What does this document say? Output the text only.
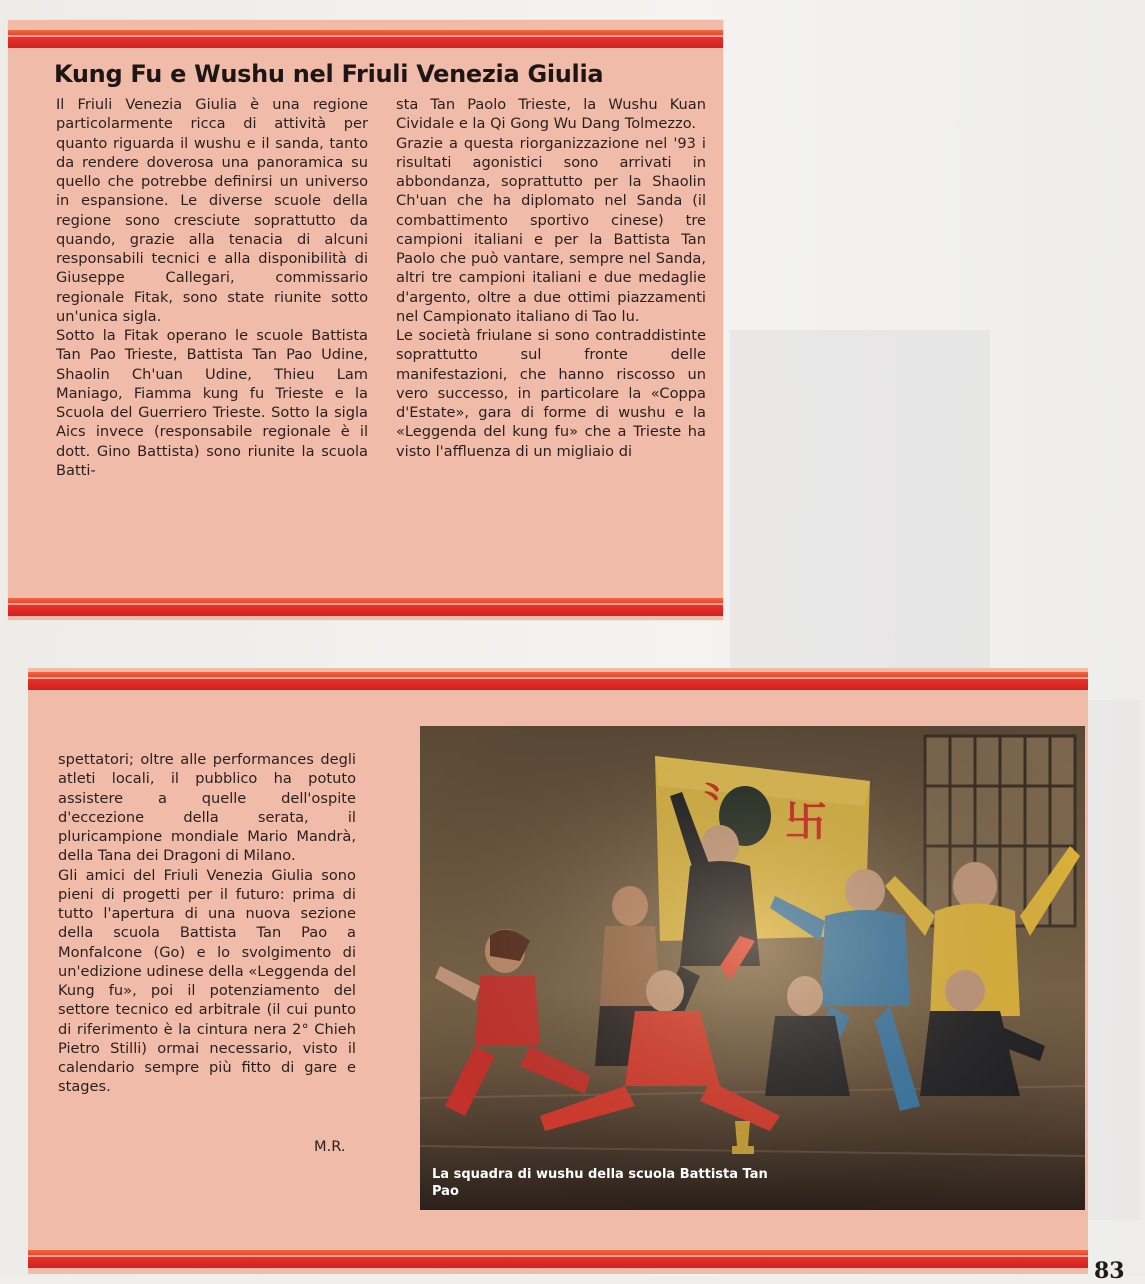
Kung Fu e Wushu nel Friuli Venezia Giulia

Il Friuli Venezia Giulia è una regione particolarmente ricca di attività per quanto riguarda il wushu e il sanda, tanto da rendere doverosa una panoramica su quello che potrebbe definirsi un universo in espansione. Le diverse scuole della regione sono cresciute soprattutto da quando, grazie alla tenacia di alcuni responsabili tecnici e alla disponibilità di Giuseppe Callegari, commissario regionale Fitak, sono state riunite sotto un'unica sigla.

Sotto la Fitak operano le scuole Battista Tan Pao Trieste, Battista Tan Pao Udine, Shaolin Ch'uan Udine, Thieu Lam Maniago, Fiamma kung fu Trieste e la Scuola del Guerriero Trieste. Sotto la sigla Aics invece (responsabile regionale è il dott. Gino Battista) sono riunite la scuola Batti-

sta Tan Paolo Trieste, la Wushu Kuan Cividale e la Qi Gong Wu Dang Tolmezzo.

Grazie a questa riorganizzazione nel '93 i risultati agonistici sono arrivati in abbondanza, soprattutto per la Shaolin Ch'uan che ha diplomato nel Sanda (il combattimento sportivo cinese) tre campioni italiani e per la Battista Tan Paolo che può vantare, sempre nel Sanda, altri tre campioni italiani e due medaglie d'argento, oltre a due ottimi piazzamenti nel Campionato italiano di Tao lu.

Le società friulane si sono contraddistinte soprattutto sul fronte delle manifestazioni, che hanno riscosso un vero successo, in particolare la «Coppa d'Estate», gara di forme di wushu e la «Leggenda del kung fu» che a Trieste ha visto l'affluenza di un migliaio di

spettatori; oltre alle performances degli atleti locali, il pubblico ha potuto assistere a quelle dell'ospite d'eccezione della serata, il pluricampione mondiale Mario Mandrà, della Tana dei Dragoni di Milano.

Gli amici del Friuli Venezia Giulia sono pieni di progetti per il futuro: prima di tutto l'apertura di una nuova sezione della scuola Battista Tan Pao a Monfalcone (Go) e lo svolgimento di un'edizione udinese della «Leggenda del Kung fu», poi il potenziamento del settore tecnico ed arbitrale (il cui punto di riferimento è la cintura nera 2° Chieh Pietro Stilli) ormai necessario, visto il calendario sempre più fitto di gare e stages.

M.R.
La squadra di wushu della scuola Battista Tan Pao
83
